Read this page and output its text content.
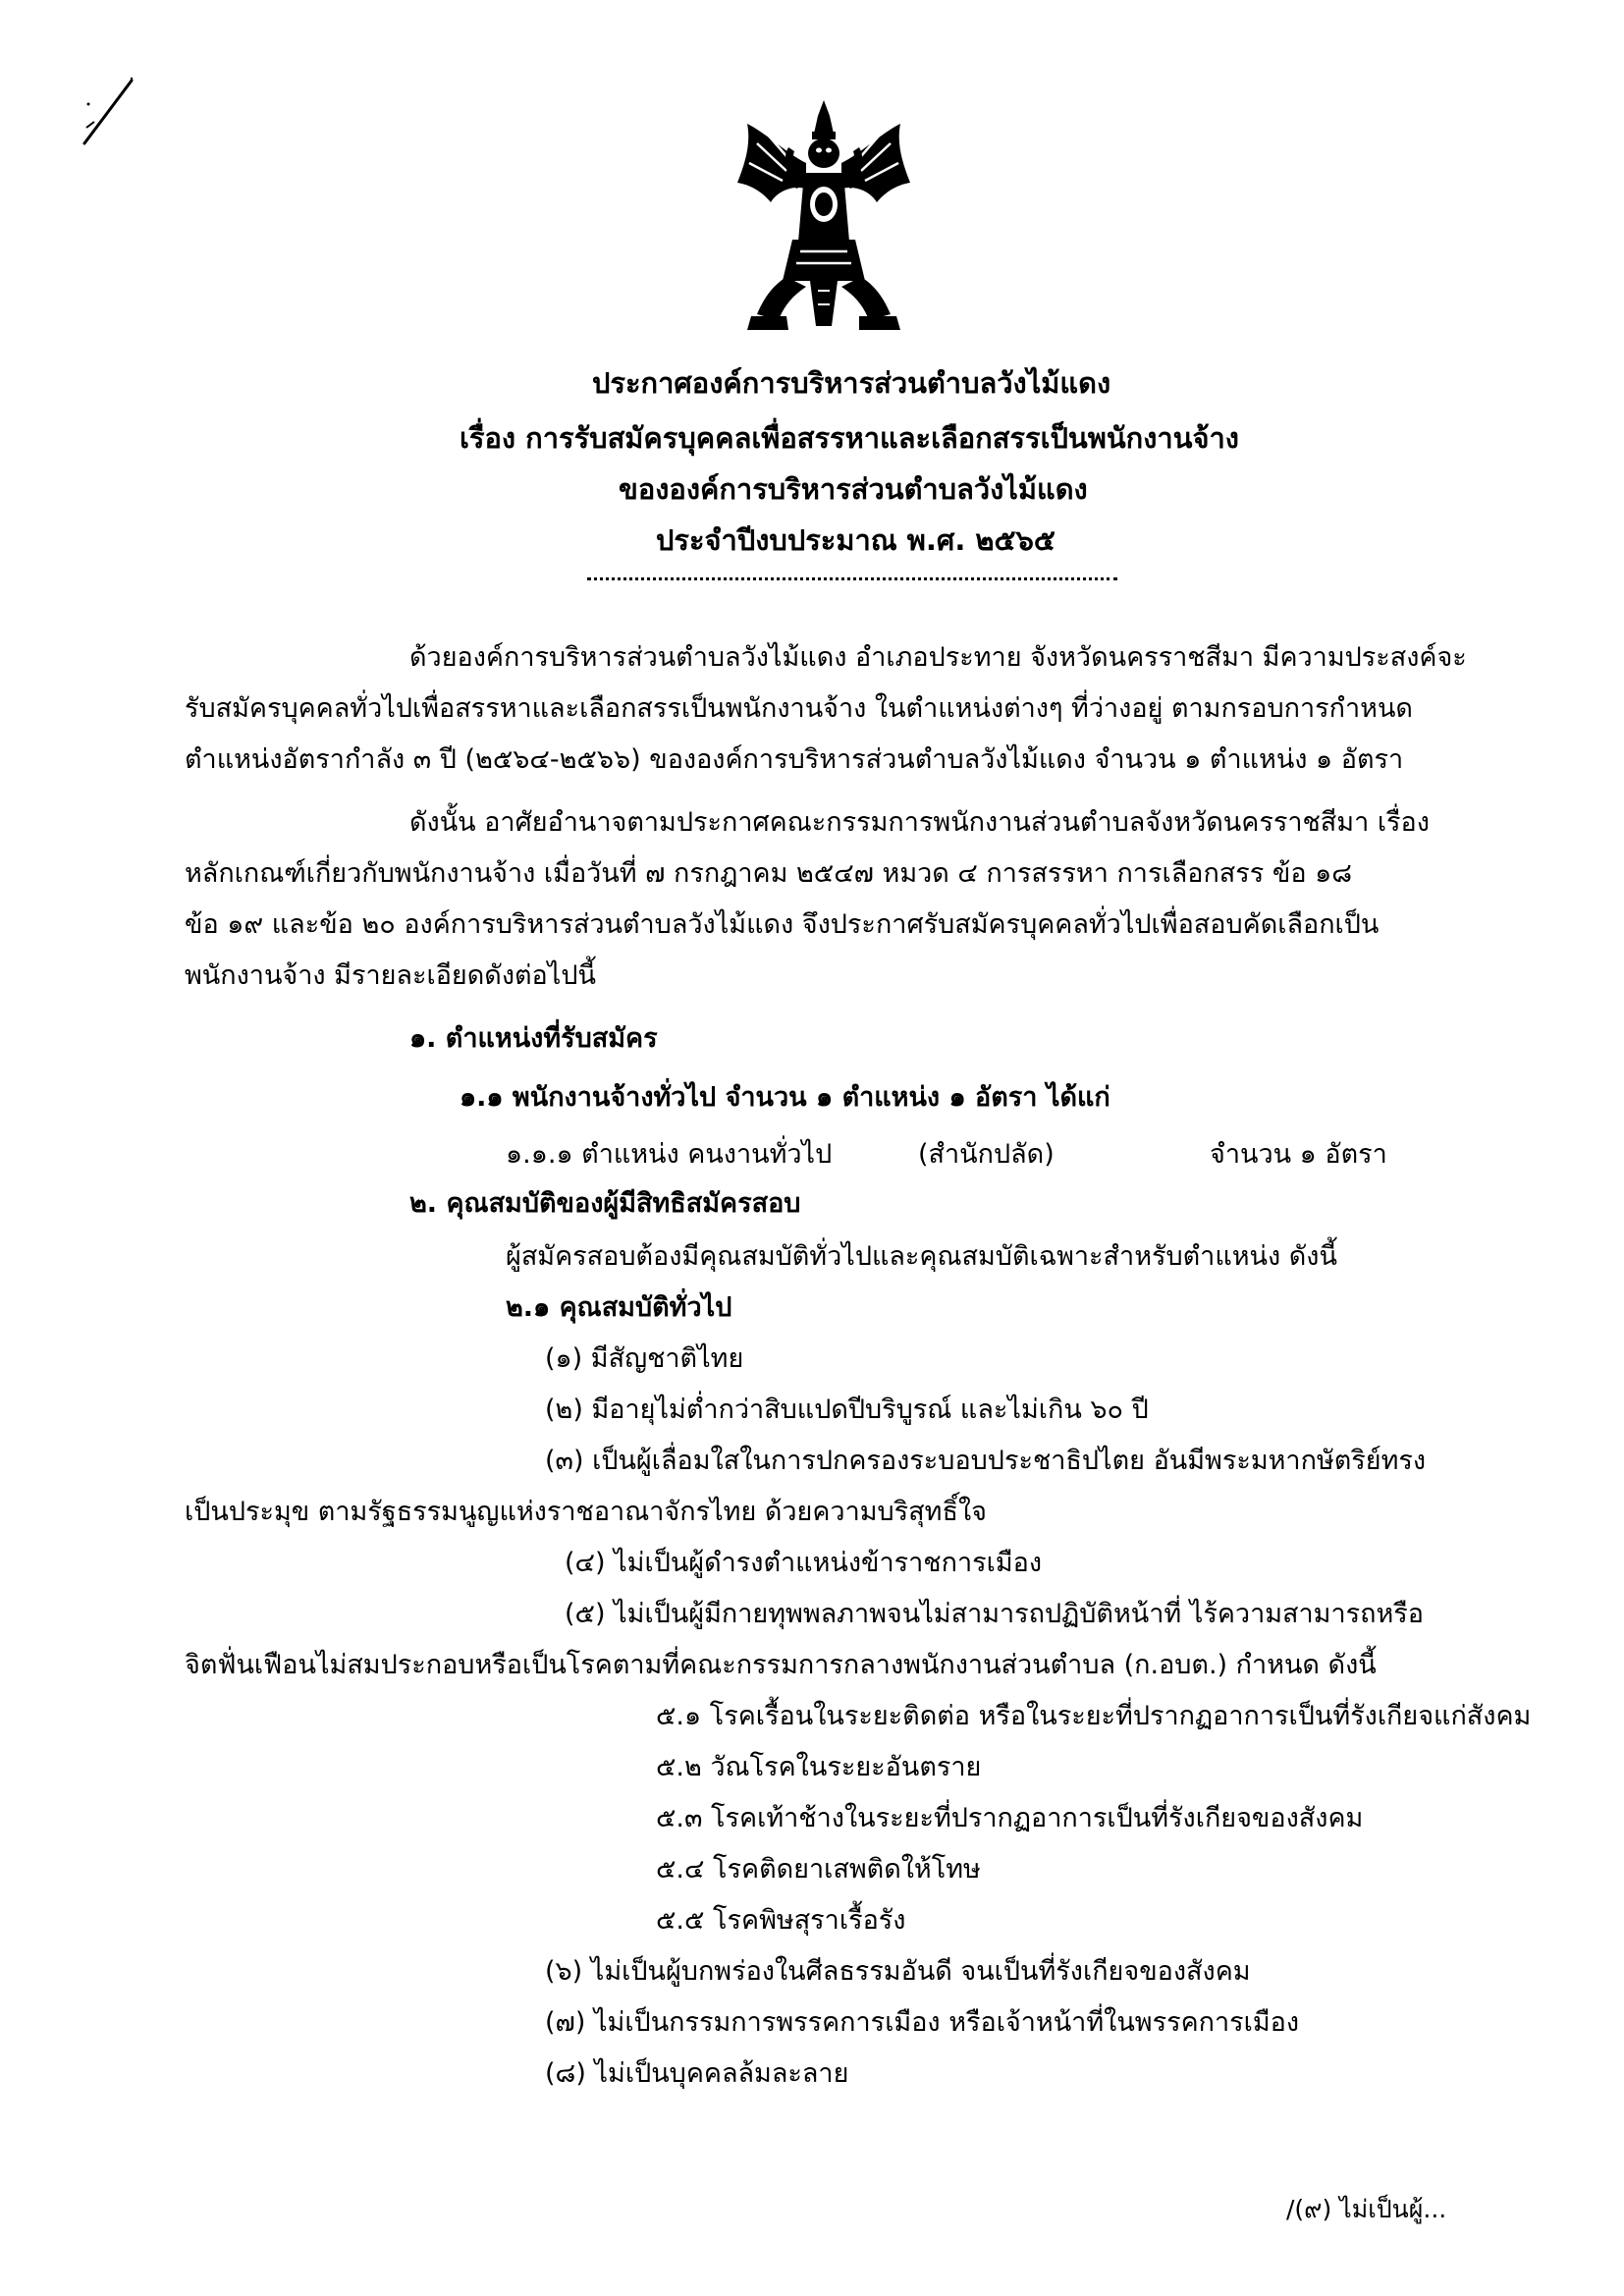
ประกาศองค์การบริหารส่วนตำบลวังไม้แดง
เรื่อง การรับสมัครบุคคลเพื่อสรรหาและเลือกสรรเป็นพนักงานจ้าง
ขององค์การบริหารส่วนตำบลวังไม้แดง
ประจำปีงบประมาณ พ.ศ. ๒๕๖๕
ด้วยองค์การบริหารส่วนตำบลวังไม้แดง อำเภอประทาย จังหวัดนครราชสีมา มีความประสงค์จะ
รับสมัครบุคคลทั่วไปเพื่อสรรหาและเลือกสรรเป็นพนักงานจ้าง ในตำแหน่งต่างๆ ที่ว่างอยู่ ตามกรอบการกำหนด
ตำแหน่งอัตรากำลัง ๓ ปี (๒๕๖๔-๒๕๖๖) ขององค์การบริหารส่วนตำบลวังไม้แดง จำนวน ๑ ตำแหน่ง ๑ อัตรา
ดังนั้น อาศัยอำนาจตามประกาศคณะกรรมการพนักงานส่วนตำบลจังหวัดนครราชสีมา เรื่อง
หลักเกณฑ์เกี่ยวกับพนักงานจ้าง เมื่อวันที่ ๗ กรกฎาคม ๒๕๔๗ หมวด ๔ การสรรหา การเลือกสรร ข้อ ๑๘
ข้อ ๑๙ และข้อ ๒๐ องค์การบริหารส่วนตำบลวังไม้แดง จึงประกาศรับสมัครบุคคลทั่วไปเพื่อสอบคัดเลือกเป็น
พนักงานจ้าง มีรายละเอียดดังต่อไปนี้
๑. ตำแหน่งที่รับสมัคร
๑.๑ พนักงานจ้างทั่วไป จำนวน ๑ ตำแหน่ง ๑ อัตรา ได้แก่
๑.๑.๑ ตำแหน่ง คนงานทั่วไป	(สำนักปลัด)	จำนวน ๑ อัตรา
๒. คุณสมบัติของผู้มีสิทธิสมัครสอบ
ผู้สมัครสอบต้องมีคุณสมบัติทั่วไปและคุณสมบัติเฉพาะสำหรับตำแหน่ง ดังนี้
๒.๑ คุณสมบัติทั่วไป
(๑) มีสัญชาติไทย
(๒) มีอายุไม่ต่ำกว่าสิบแปดปีบริบูรณ์ และไม่เกิน ๖๐ ปี
(๓) เป็นผู้เลื่อมใสในการปกครองระบอบประชาธิปไตย อันมีพระมหากษัตริย์ทรง
เป็นประมุข ตามรัฐธรรมนูญแห่งราชอาณาจักรไทย ด้วยความบริสุทธิ์ใจ
(๔) ไม่เป็นผู้ดำรงตำแหน่งข้าราชการเมือง
(๕) ไม่เป็นผู้มีกายทุพพลภาพจนไม่สามารถปฏิบัติหน้าที่ ไร้ความสามารถหรือ
จิตฟั่นเฟือนไม่สมประกอบหรือเป็นโรคตามที่คณะกรรมการกลางพนักงานส่วนตำบล (ก.อบต.) กำหนด ดังนี้
๕.๑ โรคเรื้อนในระยะติดต่อ หรือในระยะที่ปรากฏอาการเป็นที่รังเกียจแก่สังคม
๕.๒ วัณโรคในระยะอันตราย
๕.๓ โรคเท้าช้างในระยะที่ปรากฏอาการเป็นที่รังเกียจของสังคม
๕.๔ โรคติดยาเสพติดให้โทษ
๕.๕ โรคพิษสุราเรื้อรัง
(๖) ไม่เป็นผู้บกพร่องในศีลธรรมอันดี จนเป็นที่รังเกียจของสังคม
(๗) ไม่เป็นกรรมการพรรคการเมือง หรือเจ้าหน้าที่ในพรรคการเมือง
(๘) ไม่เป็นบุคคลล้มละลาย
/(๙) ไม่เป็นผู้...
